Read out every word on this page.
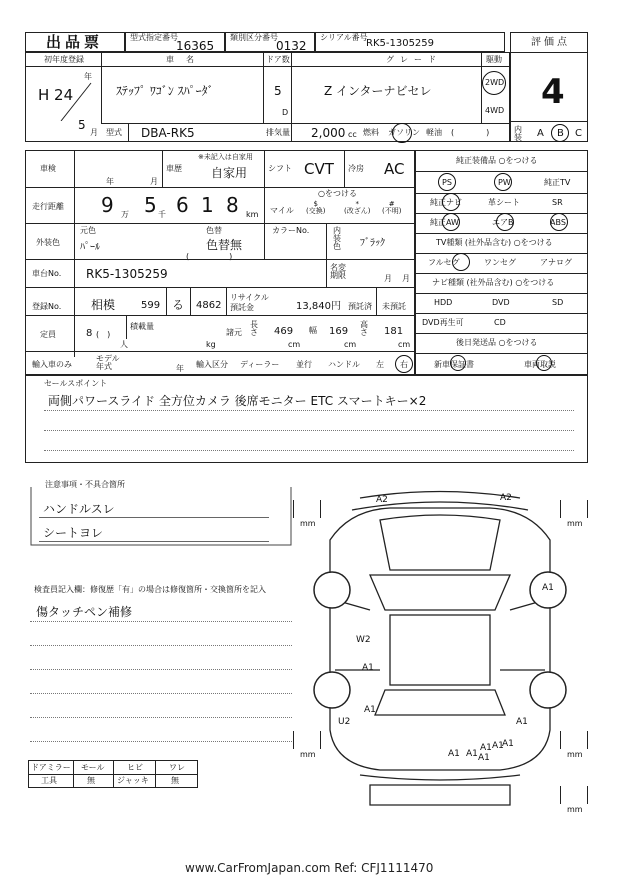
出品票	型式指定番号
16365
類別区分番号
0132
シリアル番号
RK5-1305259	評価点
4
内装 A B C
初年度登録
年
H 24
5
月
車名
ｽﾃｯﾌﾟ ﾜｺﾞﾝ ｽﾊﾟｰﾀﾞ
ドア数
5
D
グレード
Z インターナビセレ
駆動
2WD
4WD
型式 DBA-RK5	排気量 2,000 cc 燃料 ガソリン 軽油 (　　　　)
車検
年	月
車歴
※未記入は自家用
自家用	シフト CVT 冷房 AC
走行距離 9 万 5 千 6 1 8 km
○をつける
マイル
$
(交換)
*
(改ざん)
#
(不明)
外装色
元色
ﾊﾟｰﾙ
色替
色替無
(　　　　　)
カラーNo.	内装色 ﾌﾞﾗｯｸ
車台No. RK5-1305259	名変期限	月 月
登録No. 相模	599 る 4862
リサイクル預託金	13,840円 預託済 未預託
定員	8 (　)
人
積載量
kg
諸元
長さ 469
cm
幅 169
cm
高さ 181
cm
輸入車のみ
モデル年式	年 輸入区分 ディーラー 並行 ハンドル 左 右
純正装備品 ○をつける
PS	PW	純正TV
純正ナビ	革シート	SR
純正AW	エアB	ABS
TV種類 (社外品含む) ○をつける
フルセグ	ワンセグ	アナログ
ナビ種類 (社外品含む) ○をつける
HDD	DVD	SD
DVD再生可	CD
後日発送品 ○をつける
新車保証書	車両取説
セールスポイント
両側パワースライド 全方位カメラ 後席モニター ETC スマートキー×2
注意事項・不具合箇所
ハンドルスレ
シートヨレ
検査員記入欄：修復歴「有」の場合は修復箇所・交換箇所を記入
傷タッチペン補修
ドアミラー モール	ヒビ	ワレ
工具	無	ジャッキ	無
A2	A2
A1
W2
A1
A1
U2	A1
A1 A1
A1 A1
A1
A1
mm	mm
mm	mm
mm
www.CarFromJapan.com Ref: CFJ1111470
